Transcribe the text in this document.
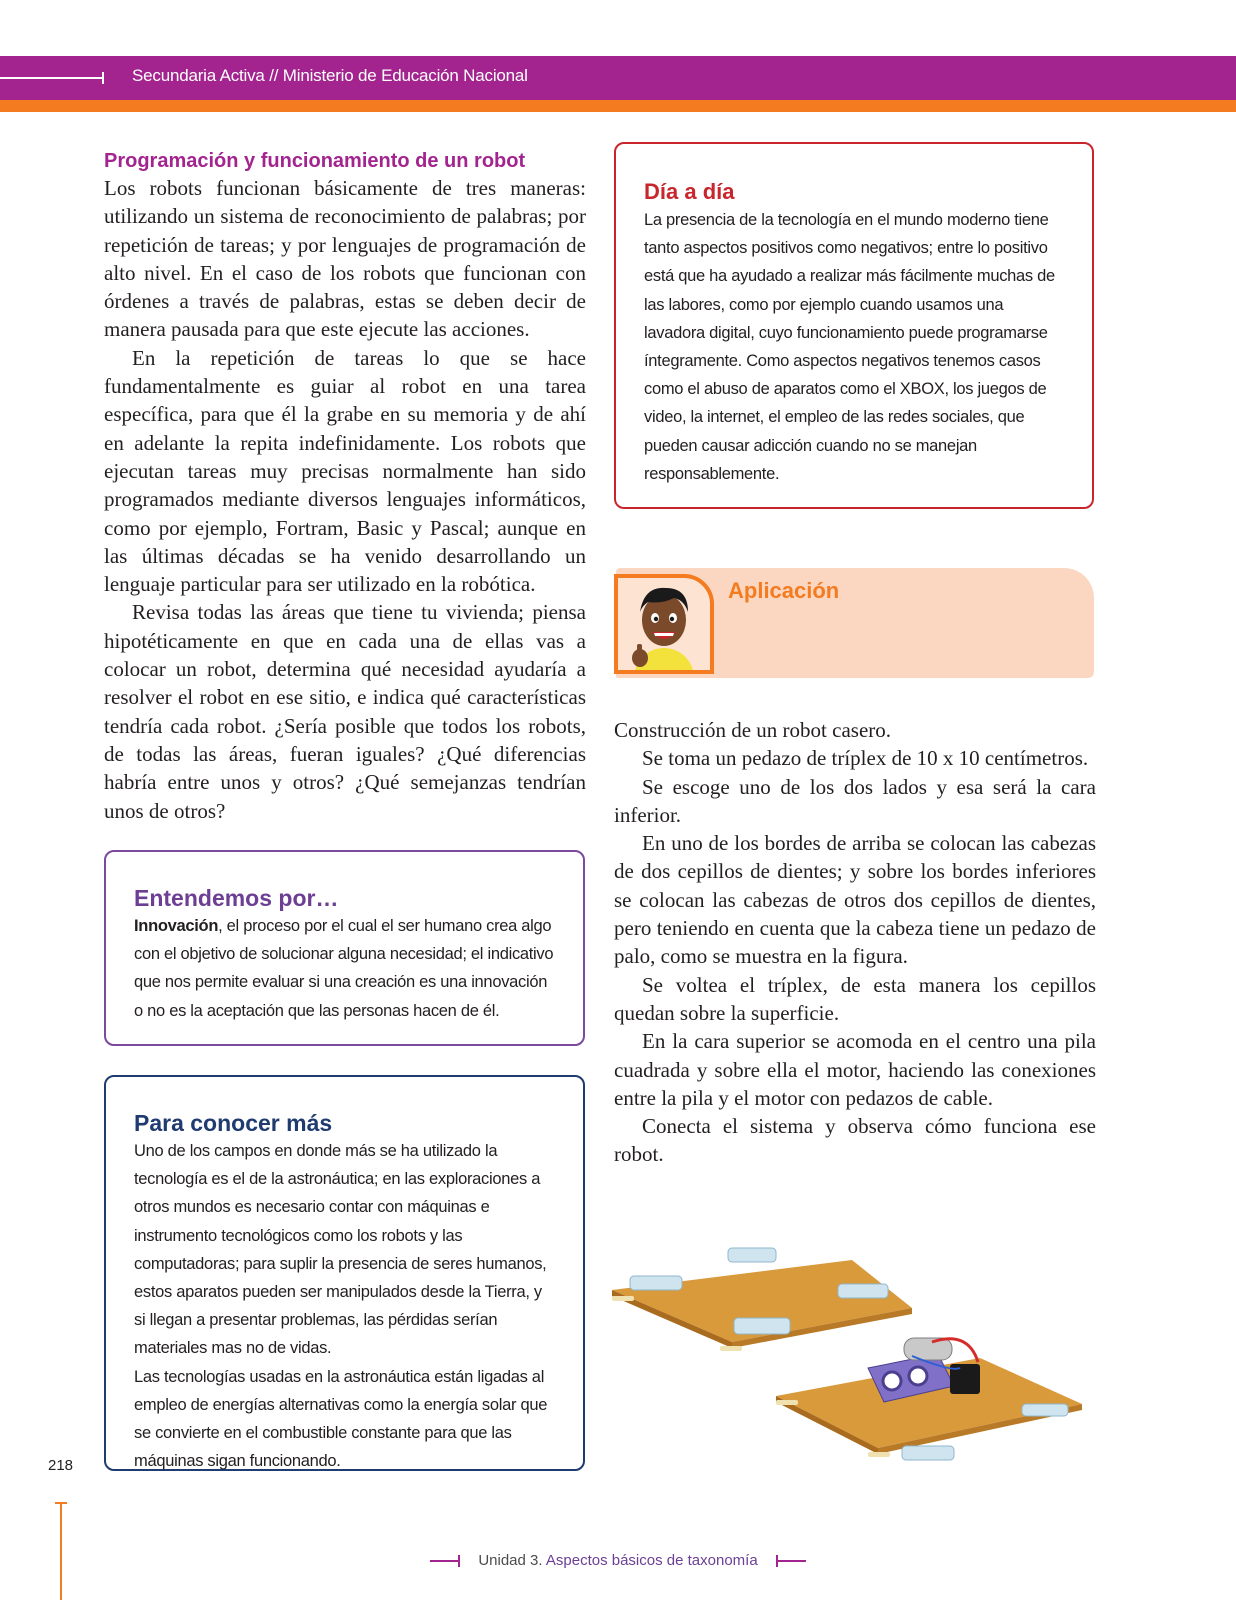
Secundaria Activa // Ministerio de Educación Nacional
Programación y funcionamiento de un robot

Los robots funcionan básicamente de tres maneras: utilizando un sistema de reconocimiento de palabras; por repetición de tareas; y por lenguajes de programación de alto nivel. En el caso de los robots que funcionan con órdenes a través de palabras, estas se deben decir de manera pausada para que este ejecute las acciones.

En la repetición de tareas lo que se hace fundamentalmente es guiar al robot en una tarea específica, para que él la grabe en su memoria y de ahí en adelante la repita indefinidamente. Los robots que ejecutan tareas muy precisas normalmente han sido programados mediante diversos lenguajes informáticos, como por ejemplo, Fortram, Basic y Pascal; aunque en las últimas décadas se ha venido desarrollando un lenguaje particular para ser utilizado en la robótica.

Revisa todas las áreas que tiene tu vivienda; piensa hipotéticamente en que en cada una de ellas vas a colocar un robot, determina qué necesidad ayudaría a resolver el robot en ese sitio, e indica qué características tendría cada robot. ¿Sería posible que todos los robots, de todas las áreas, fueran iguales? ¿Qué diferencias habría entre unos y otros? ¿Qué semejanzas tendrían unos de otros?

Día a día
La presencia de la tecnología en el mundo moderno tiene tanto aspectos positivos como negativos; entre lo positivo está que ha ayudado a realizar más fácilmente muchas de las labores, como por ejemplo cuando usamos una lavadora digital, cuyo funcionamiento puede programarse íntegramente. Como aspectos negativos tenemos casos como el abuso de aparatos como el XBOX, los juegos de video, la internet, el empleo de las redes sociales, que pueden causar adicción cuando no se manejan responsablemente.
Entendemos por…
Innovación, el proceso por el cual el ser humano crea algo con el objetivo de solucionar alguna necesidad; el indicativo que nos permite evaluar si una creación es una innovación o no es la aceptación que las personas hacen de él.
Para conocer más
Uno de los campos en donde más se ha utilizado la tecnología es el de la astronáutica; en las exploraciones a otros mundos es necesario contar con máquinas e instrumento tecnológicos como los robots y las computadoras; para suplir la presencia de seres humanos, estos aparatos pueden ser manipulados desde la Tierra, y si llegan a presentar problemas, las pérdidas serían materiales mas no de vidas.
Las tecnologías usadas en la astronáutica están ligadas al empleo de energías alternativas como la energía solar que se convierte en el combustible constante para que las máquinas sigan funcionando.
Aplicación

Construcción de un robot casero.

Se toma un pedazo de tríplex de 10 x 10 centímetros.

Se escoge uno de los dos lados y esa será la cara inferior.

En uno de los bordes de arriba se colocan las cabezas de dos cepillos de dientes; y sobre los bordes inferiores se colocan las cabezas de otros dos cepillos de dientes, pero teniendo en cuenta que la cabeza tiene un pedazo de palo, como se muestra en la figura.

Se voltea el tríplex, de esta manera los cepillos quedan sobre la superficie.

En la cara superior se acomoda en el centro una pila cuadrada y sobre ella el motor, haciendo las conexiones entre la pila y el motor con pedazos de cable.

Conecta el sistema y observa cómo funciona ese robot.

218
Unidad 3. Aspectos básicos de taxonomía
